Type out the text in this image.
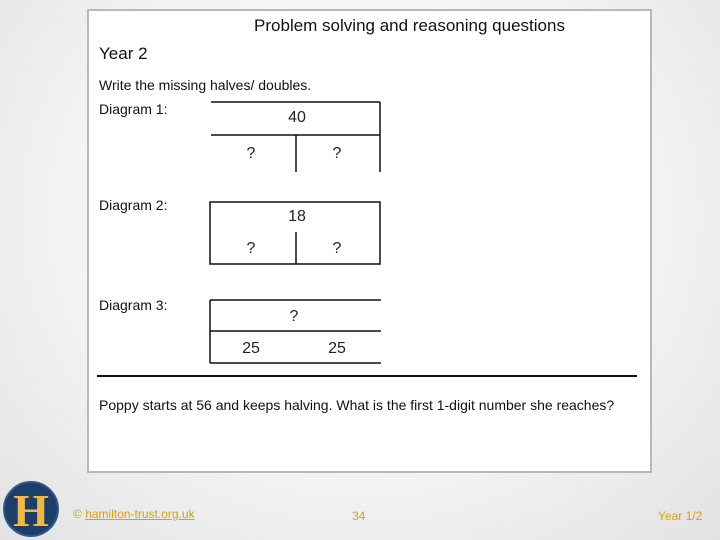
Problem solving and reasoning questions
Year 2
Write the missing halves/ doubles.
Diagram 1:	40
?	?
Diagram 2:
18
?	?
Diagram 3:
?
25	25
Poppy starts at 56 and keeps halving. What is the first 1-digit number she reaches?
H	© hamilton-trust.org.uk	34	Year 1/2
